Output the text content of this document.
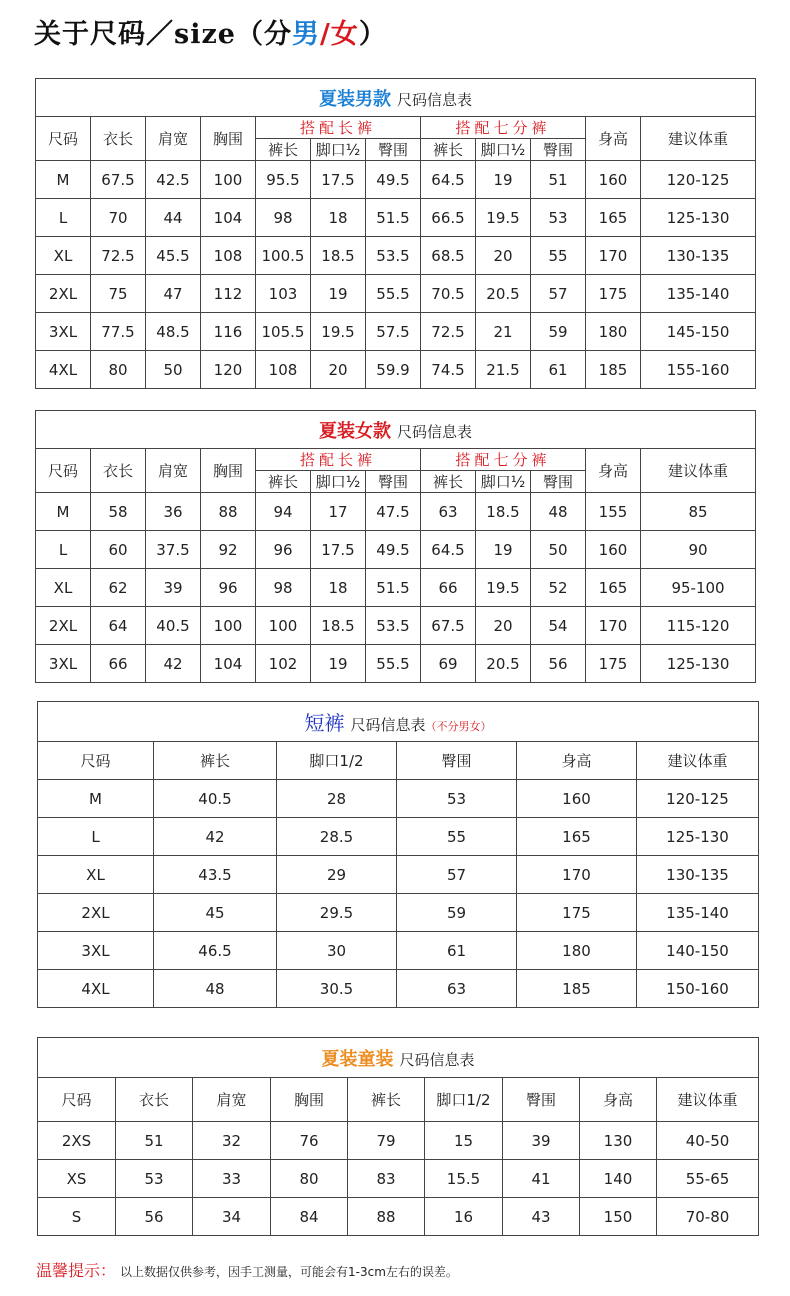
关于尺码／size（分男/女）
夏装男款 尺码信息表											
尺码	衣长	肩宽	胸围	搭配长裤			搭配七分裤			身高	建议体重
				裤长	脚口½	臀围	裤长	脚口½	臀围		
M	67.5	42.5	100	95.5	17.5	49.5	64.5	19	51	160	120-125
L	70	44	104	98	18	51.5	66.5	19.5	53	165	125-130
XL	72.5	45.5	108	100.5	18.5	53.5	68.5	20	55	170	130-135
2XL	75	47	112	103	19	55.5	70.5	20.5	57	175	135-140
3XL	77.5	48.5	116	105.5	19.5	57.5	72.5	21	59	180	145-150
4XL	80	50	120	108	20	59.9	74.5	21.5	61	185	155-160
夏装女款 尺码信息表											
尺码	衣长	肩宽	胸围	搭配长裤			搭配七分裤			身高	建议体重
				裤长	脚口½	臀围	裤长	脚口½	臀围		
M	58	36	88	94	17	47.5	63	18.5	48	155	85
L	60	37.5	92	96	17.5	49.5	64.5	19	50	160	90
XL	62	39	96	98	18	51.5	66	19.5	52	165	95-100
2XL	64	40.5	100	100	18.5	53.5	67.5	20	54	170	115-120
3XL	66	42	104	102	19	55.5	69	20.5	56	175	125-130
短裤 尺码信息表（不分男女）					
尺码	裤长	脚口1/2	臀围	身高	建议体重
M	40.5	28	53	160	120-125
L	42	28.5	55	165	125-130
XL	43.5	29	57	170	130-135
2XL	45	29.5	59	175	135-140
3XL	46.5	30	61	180	140-150
4XL	48	30.5	63	185	150-160
夏装童装 尺码信息表								
尺码	衣长	肩宽	胸围	裤长	脚口1/2	臀围	身高	建议体重
2XS	51	32	76	79	15	39	130	40-50
XS	53	33	80	83	15.5	41	140	55-65
S	56	34	84	88	16	43	150	70-80
温馨提示： 以上数据仅供参考，因手工测量，可能会有1-3cm左右的误差。
